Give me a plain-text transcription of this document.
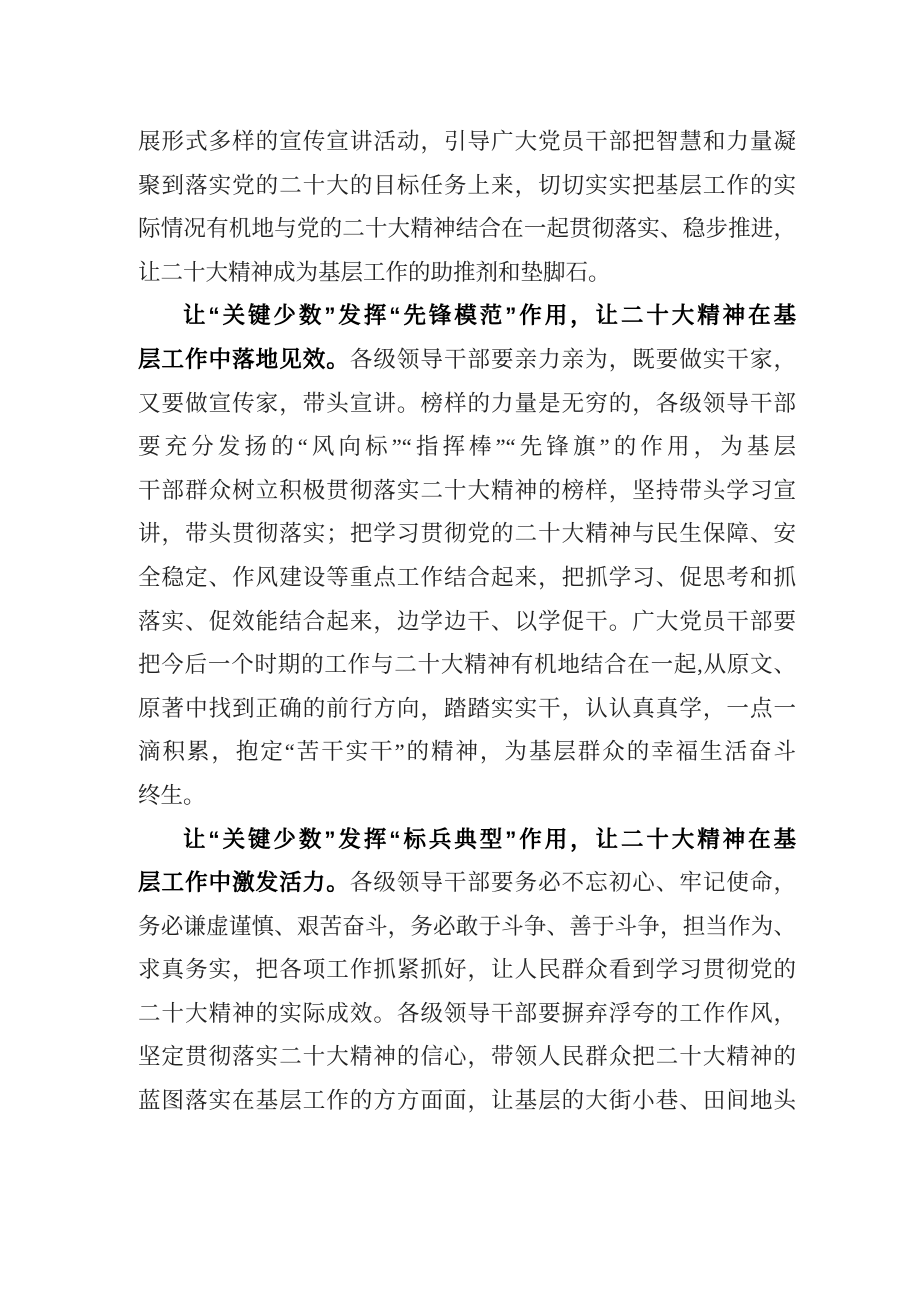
展形式多样的宣传宣讲活动，引导广大党员干部把智慧和力量凝
聚到落实党的二十大的目标任务上来，切切实实把基层工作的实
际情况有机地与党的二十大精神结合在一起贯彻落实、稳步推进，
让二十大精神成为基层工作的助推剂和垫脚石。
让“关键少数”发挥“先锋模范”作用，让二十大精神在基
层工作中落地见效。各级领导干部要亲力亲为，既要做实干家，
又要做宣传家，带头宣讲。榜样的力量是无穷的，各级领导干部
要充分发扬的“风向标”“指挥棒”“先锋旗”的作用，为基层
干部群众树立积极贯彻落实二十大精神的榜样，坚持带头学习宣
讲，带头贯彻落实；把学习贯彻党的二十大精神与民生保障、安
全稳定、作风建设等重点工作结合起来，把抓学习、促思考和抓
落实、促效能结合起来，边学边干、以学促干。广大党员干部要
把今后一个时期的工作与二十大精神有机地结合在一起,从原文、
原著中找到正确的前行方向，踏踏实实干，认认真真学，一点一
滴积累，抱定“苦干实干”的精神，为基层群众的幸福生活奋斗
终生。
让“关键少数”发挥“标兵典型”作用，让二十大精神在基
层工作中激发活力。各级领导干部要务必不忘初心、牢记使命，
务必谦虚谨慎、艰苦奋斗，务必敢于斗争、善于斗争，担当作为、
求真务实，把各项工作抓紧抓好，让人民群众看到学习贯彻党的
二十大精神的实际成效。各级领导干部要摒弃浮夸的工作作风，
坚定贯彻落实二十大精神的信心，带领人民群众把二十大精神的
蓝图落实在基层工作的方方面面，让基层的大街小巷、田间地头
